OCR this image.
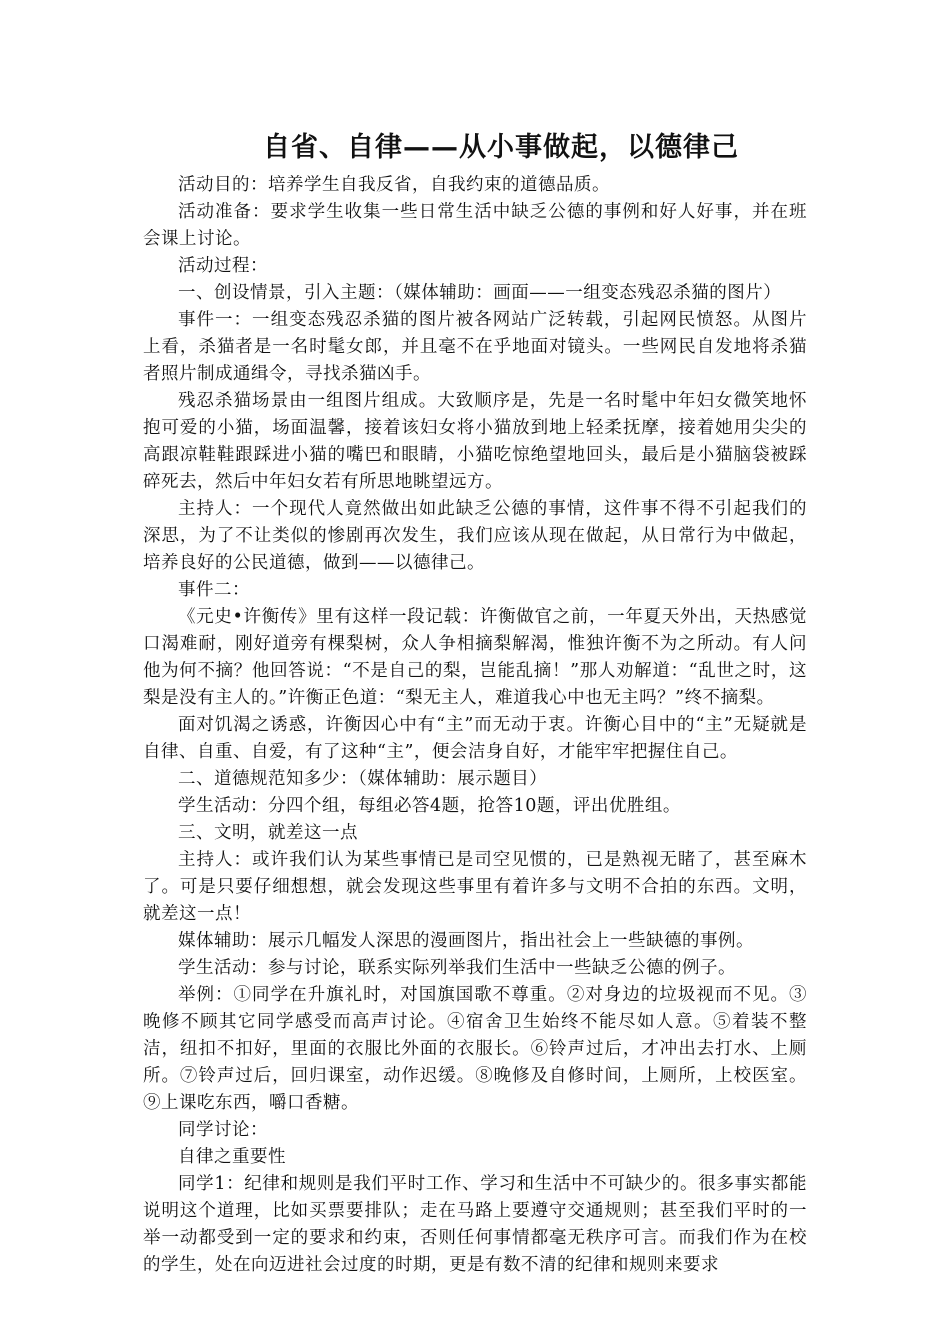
自省、自律——从小事做起，以德律己

活动目的：培养学生自我反省，自我约束的道德品质。

活动准备：要求学生收集一些日常生活中缺乏公德的事例和好人好事，并在班会课上讨论。

活动过程：

一、创设情景，引入主题：（媒体辅助：画面——一组变态残忍杀猫的图片）

事件一：一组变态残忍杀猫的图片被各网站广泛转载，引起网民愤怒。从图片上看，杀猫者是一名时髦女郎，并且毫不在乎地面对镜头。一些网民自发地将杀猫者照片制成通缉令，寻找杀猫凶手。

残忍杀猫场景由一组图片组成。大致顺序是，先是一名时髦中年妇女微笑地怀抱可爱的小猫，场面温馨，接着该妇女将小猫放到地上轻柔抚摩，接着她用尖尖的高跟凉鞋鞋跟踩进小猫的嘴巴和眼睛，小猫吃惊绝望地回头，最后是小猫脑袋被踩碎死去，然后中年妇女若有所思地眺望远方。

主持人：一个现代人竟然做出如此缺乏公德的事情，这件事不得不引起我们的深思，为了不让类似的惨剧再次发生，我们应该从现在做起，从日常行为中做起，培养良好的公民道德，做到——以德律己。

事件二：

《元史•许衡传》里有这样一段记载：许衡做官之前，一年夏天外出，天热感觉口渴难耐，刚好道旁有棵梨树，众人争相摘梨解渴，惟独许衡不为之所动。有人问他为何不摘？他回答说：“不是自己的梨，岂能乱摘！”那人劝解道：“乱世之时，这梨是没有主人的。”许衡正色道：“梨无主人，难道我心中也无主吗？”终不摘梨。

面对饥渴之诱惑，许衡因心中有“主”而无动于衷。许衡心目中的“主”无疑就是自律、自重、自爱，有了这种“主”，便会洁身自好，才能牢牢把握住自己。

二、道德规范知多少：（媒体辅助：展示题目）

学生活动：分四个组，每组必答4题，抢答10题，评出优胜组。

三、文明，就差这一点

主持人：或许我们认为某些事情已是司空见惯的，已是熟视无睹了，甚至麻木了。可是只要仔细想想，就会发现这些事里有着许多与文明不合拍的东西。文明，就差这一点！

媒体辅助：展示几幅发人深思的漫画图片，指出社会上一些缺德的事例。

学生活动：参与讨论，联系实际列举我们生活中一些缺乏公德的例子。

举例：①同学在升旗礼时，对国旗国歌不尊重。②对身边的垃圾视而不见。③晚修不顾其它同学感受而高声讨论。④宿舍卫生始终不能尽如人意。⑤着装不整洁，纽扣不扣好，里面的衣服比外面的衣服长。⑥铃声过后，才冲出去打水、上厕所。⑦铃声过后，回归课室，动作迟缓。⑧晚修及自修时间，上厕所，上校医室。⑨上课吃东西，嚼口香糖。

同学讨论：

自律之重要性

同学1：纪律和规则是我们平时工作、学习和生活中不可缺少的。很多事实都能说明这个道理，比如买票要排队；走在马路上要遵守交通规则；甚至我们平时的一举一动都受到一定的要求和约束，否则任何事情都毫无秩序可言。而我们作为在校的学生，处在向迈进社会过度的时期，更是有数不清的纪律和规则来要求
